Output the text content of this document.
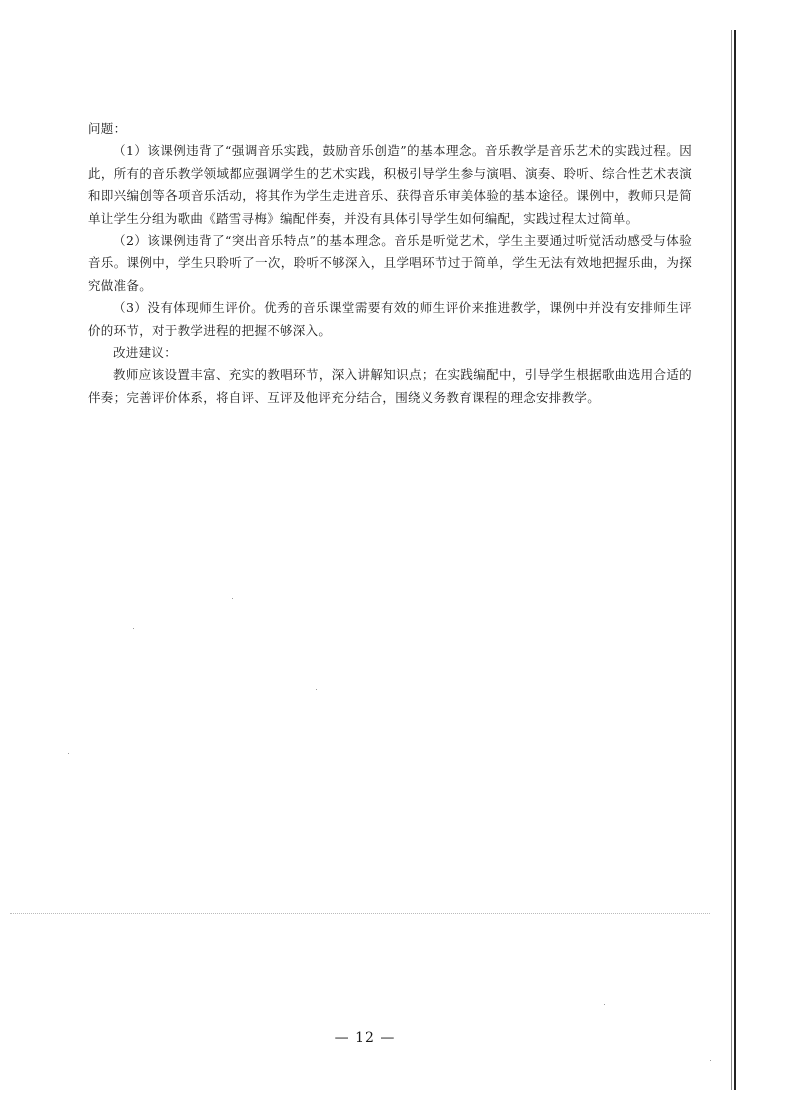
问题：

（1）该课例违背了“强调音乐实践，鼓励音乐创造”的基本理念。音乐教学是音乐艺术的实践过程。因此，所有的音乐教学领域都应强调学生的艺术实践，积极引导学生参与演唱、演奏、聆听、综合性艺术表演和即兴编创等各项音乐活动，将其作为学生走进音乐、获得音乐审美体验的基本途径。课例中，教师只是简单让学生分组为歌曲《踏雪寻梅》编配伴奏，并没有具体引导学生如何编配，实践过程太过简单。

（2）该课例违背了“突出音乐特点”的基本理念。音乐是听觉艺术，学生主要通过听觉活动感受与体验音乐。课例中，学生只聆听了一次，聆听不够深入，且学唱环节过于简单，学生无法有效地把握乐曲，为探究做准备。

（3）没有体现师生评价。优秀的音乐课堂需要有效的师生评价来推进教学，课例中并没有安排师生评价的环节，对于教学进程的把握不够深入。

改进建议：

教师应该设置丰富、充实的教唱环节，深入讲解知识点；在实践编配中，引导学生根据歌曲选用合适的伴奏；完善评价体系，将自评、互评及他评充分结合，围绕义务教育课程的理念安排教学。

— 12 —
